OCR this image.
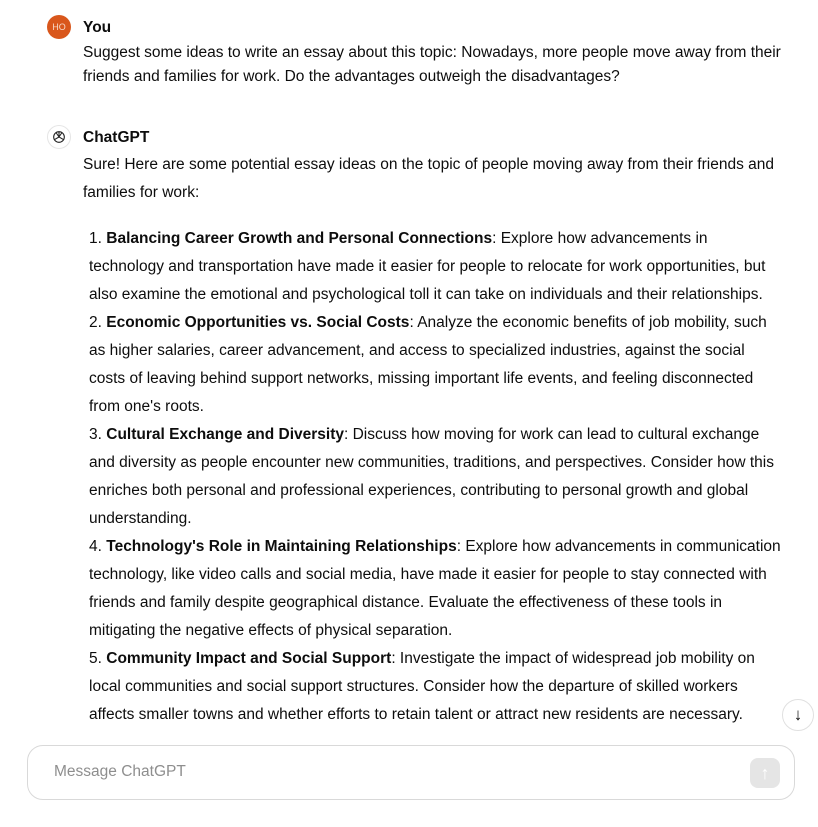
HO You

Suggest some ideas to write an essay about this topic: Nowadays, more people move away from their friends and families for work. Do the advantages outweigh the disadvantages?

ChatGPT

Sure! Here are some potential essay ideas on the topic of people moving away from their friends and families for work:

1. Balancing Career Growth and Personal Connections: Explore how advancements in technology and transportation have made it easier for people to relocate for work opportunities, but also examine the emotional and psychological toll it can take on individuals and their relationships.
2. Economic Opportunities vs. Social Costs: Analyze the economic benefits of job mobility, such as higher salaries, career advancement, and access to specialized industries, against the social costs of leaving behind support networks, missing important life events, and feeling disconnected from one's roots.
3. Cultural Exchange and Diversity: Discuss how moving for work can lead to cultural exchange and diversity as people encounter new communities, traditions, and perspectives. Consider how this enriches both personal and professional experiences, contributing to personal growth and global understanding.
4. Technology's Role in Maintaining Relationships: Explore how advancements in communication technology, like video calls and social media, have made it easier for people to stay connected with friends and family despite geographical distance. Evaluate the effectiveness of these tools in mitigating the negative effects of physical separation.
5. Community Impact and Social Support: Investigate the impact of widespread job mobility on local communities and social support structures. Consider how the departure of skilled workers affects smaller towns and whether efforts to retain talent or attract new residents are necessary.	↓
Message ChatGPT
↑
